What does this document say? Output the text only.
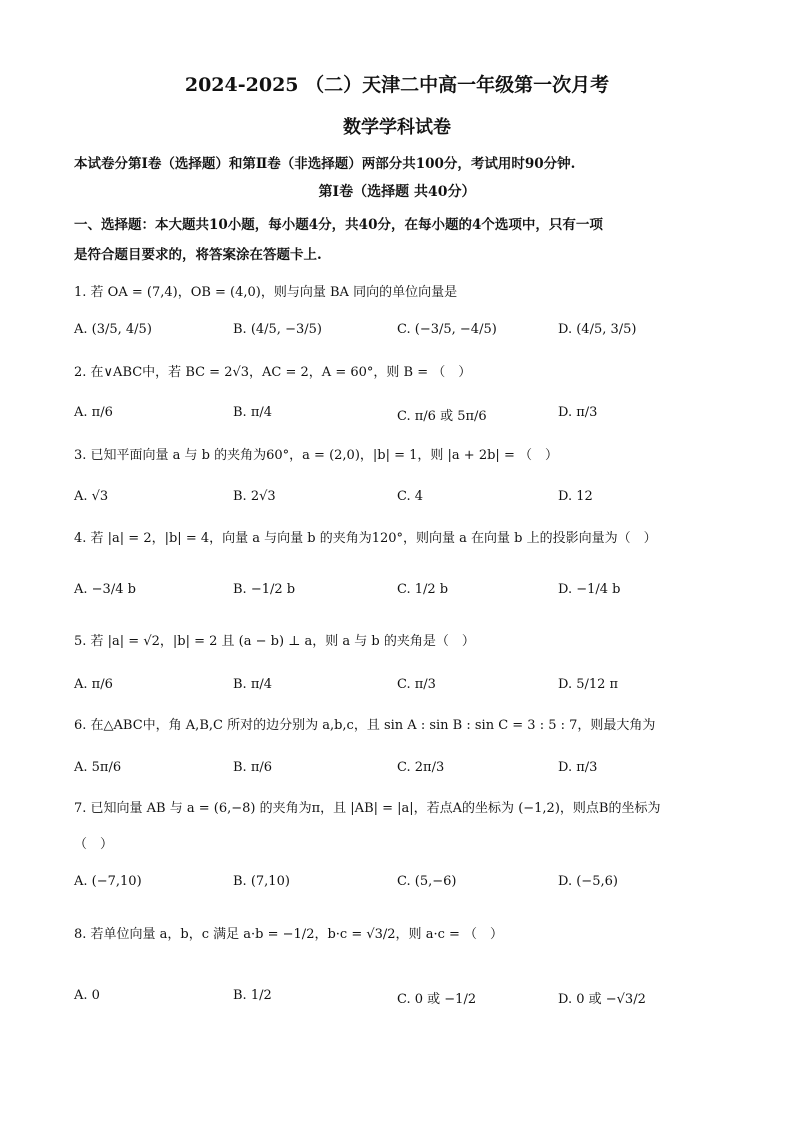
2024-2025 （二）天津二中高一年级第一次月考
数学学科试卷
本试卷分第Ⅰ卷（选择题）和第Ⅱ卷（非选择题）两部分共100分，考试用时90分钟.
第Ⅰ卷（选择题 共40分）
一、选择题：本大题共10小题，每小题4分，共40分，在每小题的4个选项中，只有一项
是符合题目要求的，将答案涂在答题卡上.
1. 若 OA = (7,4)，OB = (4,0)，则与向量 BA 同向的单位向量是
A. (3/5, 4/5)	B. (4/5, −3/5)	C. (−3/5, −4/5)	D. (4/5, 3/5)
2. 在∨ABC中，若 BC = 2√3，AC = 2，A = 60°，则 B = （　）
A. π/6	B. π/4	C. π/6 或 5π/6	D. π/3
3. 已知平面向量 a 与 b 的夹角为60°，a = (2,0)，|b| = 1，则 |a + 2b| = （　）
A. √3	B. 2√3	C. 4	D. 12
4. 若 |a| = 2，|b| = 4，向量 a 与向量 b 的夹角为120°，则向量 a 在向量 b 上的投影向量为（　）
A. −3/4 b	B. −1/2 b	C. 1/2 b	D. −1/4 b
5. 若 |a| = √2，|b| = 2 且 (a − b) ⊥ a，则 a 与 b 的夹角是（　）
A. π/6	B. π/4	C. π/3	D. 5/12 π
6. 在△ABC中，角 A,B,C 所对的边分别为 a,b,c，且 sin A : sin B : sin C = 3 : 5 : 7，则最大角为
A. 5π/6	B. π/6	C. 2π/3	D. π/3
7. 已知向量 AB 与 a = (6,−8) 的夹角为π，且 |AB| = |a|，若点A的坐标为 (−1,2)，则点B的坐标为
（　）
A. (−7,10)	B. (7,10)	C. (5,−6)	D. (−5,6)
8. 若单位向量 a，b，c 满足 a·b = −1/2，b·c = √3/2，则 a·c = （　）
A. 0	B. 1/2	C. 0 或 −1/2	D. 0 或 −√3/2
